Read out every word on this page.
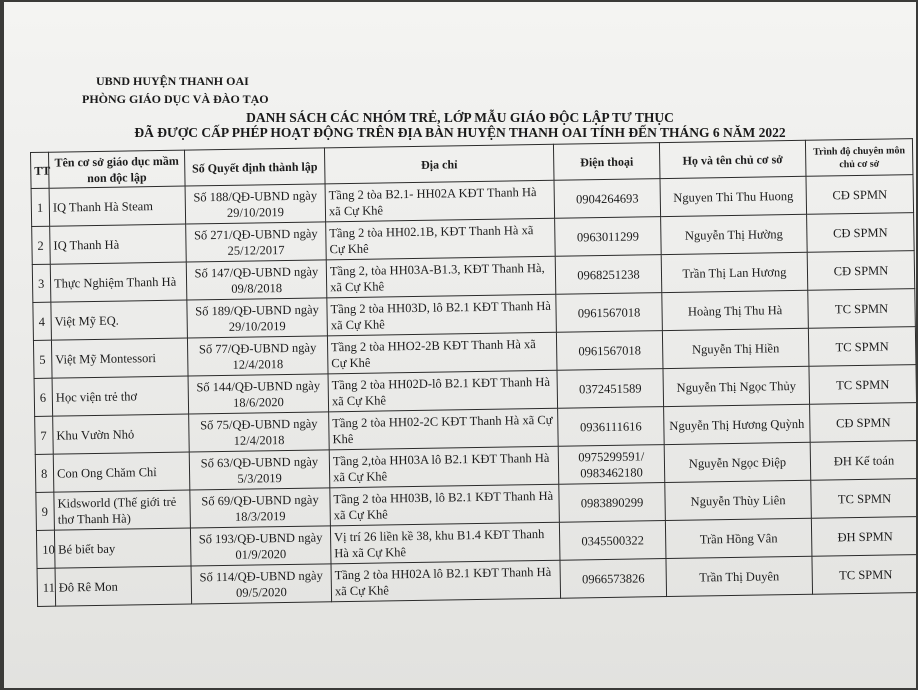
UBND HUYỆN THANH OAI
PHÒNG GIÁO DỤC VÀ ĐÀO TẠO
DANH SÁCH CÁC NHÓM TRẺ, LỚP MẪU GIÁO ĐỘC LẬP TƯ THỤC
ĐÃ ĐƯỢC CẤP PHÉP HOẠT ĐỘNG TRÊN ĐỊA BÀN HUYỆN THANH OAI TÍNH ĐẾN THÁNG 6 NĂM 2022
TT	Tên cơ sở giáo dục mầm non độc lập	Số Quyết định thành lập	Địa chỉ	Điện thoại	Họ và tên chủ cơ sở	Trình độ chuyên môn chủ cơ sở
1	IQ Thanh Hà Steam	Số 188/QĐ-UBND ngày 29/10/2019	Tầng 2 tòa B2.1- HH02A KĐT Thanh Hà xã Cự Khê	0904264693	Nguyen Thi Thu Huong	CĐ SPMN
2	IQ Thanh Hà	Số 271/QĐ-UBND ngày 25/12/2017	Tầng 2 tòa HH02.1B, KĐT Thanh Hà xã Cự Khê	0963011299	Nguyễn Thị Hường	CĐ SPMN
3	Thực Nghiệm Thanh Hà	Số 147/QĐ-UBND ngày 09/8/2018	Tầng 2, tòa HH03A-B1.3, KĐT Thanh Hà, xã Cự Khê	0968251238	Trần Thị Lan Hương	CĐ SPMN
4	Việt Mỹ EQ.	Số 189/QĐ-UBND ngày 29/10/2019	Tầng 2 tòa HH03D, lô B2.1 KĐT Thanh Hà xã Cự Khê	0961567018	Hoàng Thị Thu Hà	TC SPMN
5	Việt Mỹ Montessori	Số 77/QĐ-UBND ngày 12/4/2018	Tầng 2 tòa HHO2-2B KĐT Thanh Hà xã Cự Khê	0961567018	Nguyễn Thị Hiền	TC SPMN
6	Học viện trẻ thơ	Số 144/QĐ-UBND ngày 18/6/2020	Tầng 2 tòa HH02D-lô B2.1 KĐT Thanh Hà xã Cự Khê	0372451589	Nguyễn Thị Ngọc Thủy	TC SPMN
7	Khu Vườn Nhỏ	Số 75/QĐ-UBND ngày 12/4/2018	Tầng 2 tòa HH02-2C KĐT Thanh Hà xã Cự Khê	0936111616	Nguyễn Thị Hương Quỳnh	CĐ SPMN
8	Con Ong Chăm Chỉ	Số 63/QĐ-UBND ngày 5/3/2019	Tầng 2,tòa HH03A lô B2.1 KĐT Thanh Hà xã Cự Khê	0975299591/ 0983462180	Nguyễn Ngọc Điệp	ĐH Kế toán
9	Kidsworld (Thế giới trẻ thơ Thanh Hà)	Số 69/QĐ-UBND ngày 18/3/2019	Tầng 2 tòa HH03B, lô B2.1 KĐT Thanh Hà xã Cự Khê	0983890299	Nguyễn Thùy Liên	TC SPMN
10	Bé biết bay	Số 193/QĐ-UBND ngày 01/9/2020	Vị trí 26 liền kề 38, khu B1.4 KĐT Thanh Hà xã Cự Khê	0345500322	Trần Hồng Vân	ĐH SPMN
11	Đô Rê Mon	Số 114/QĐ-UBND ngày 09/5/2020	Tầng 2 tòa HH02A lô B2.1 KĐT Thanh Hà xã Cự Khê	0966573826	Trần Thị Duyên	TC SPMN
